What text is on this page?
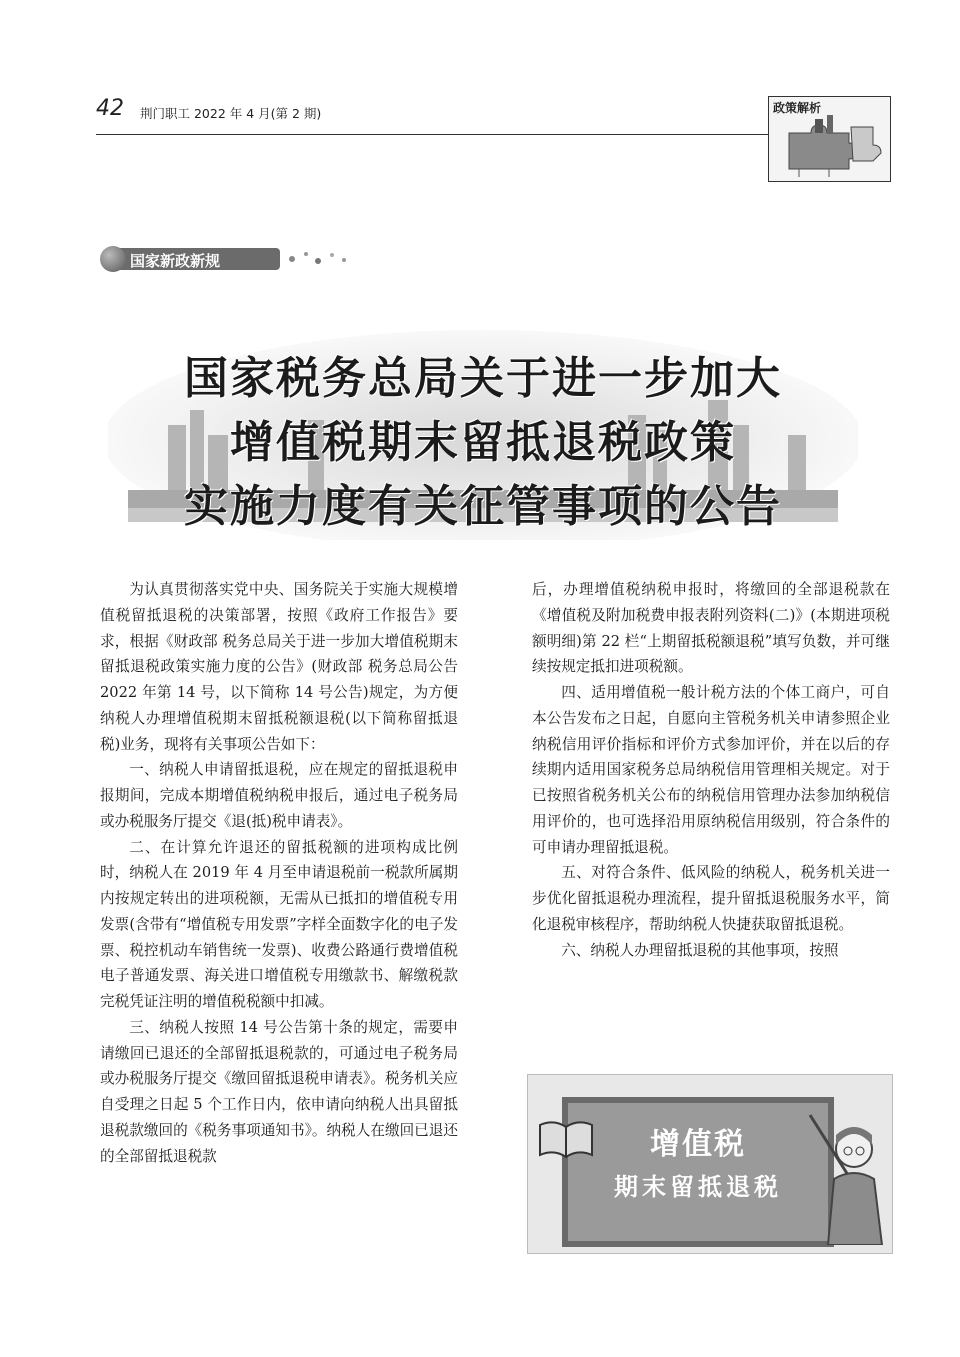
42 荆门职工 2022 年 4 月(第 2 期)	政策解析
国家新政新规
国家税务总局关于进一步加大
增值税期末留抵退税政策
实施力度有关征管事项的公告

为认真贯彻落实党中央、国务院关于实施大规模增值税留抵退税的决策部署，按照《政府工作报告》要求，根据《财政部 税务总局关于进一步加大增值税期末留抵退税政策实施力度的公告》(财政部 税务总局公告 2022 年第 14 号，以下简称 14 号公告)规定，为方便纳税人办理增值税期末留抵税额退税(以下简称留抵退税)业务，现将有关事项公告如下：

一、纳税人申请留抵退税，应在规定的留抵退税申报期间，完成本期增值税纳税申报后，通过电子税务局或办税服务厅提交《退(抵)税申请表》。

二、在计算允许退还的留抵税额的进项构成比例时，纳税人在 2019 年 4 月至申请退税前一税款所属期内按规定转出的进项税额，无需从已抵扣的增值税专用发票(含带有“增值税专用发票”字样全面数字化的电子发票、税控机动车销售统一发票)、收费公路通行费增值税电子普通发票、海关进口增值税专用缴款书、解缴税款完税凭证注明的增值税税额中扣减。

三、纳税人按照 14 号公告第十条的规定，需要申请缴回已退还的全部留抵退税款的，可通过电子税务局或办税服务厅提交《缴回留抵退税申请表》。税务机关应自受理之日起 5 个工作日内，依申请向纳税人出具留抵退税款缴回的《税务事项通知书》。纳税人在缴回已退还的全部留抵退税款

后，办理增值税纳税申报时，将缴回的全部退税款在《增值税及附加税费申报表附列资料(二)》(本期进项税额明细)第 22 栏“上期留抵税额退税”填写负数，并可继续按规定抵扣进项税额。

四、适用增值税一般计税方法的个体工商户，可自本公告发布之日起，自愿向主管税务机关申请参照企业纳税信用评价指标和评价方式参加评价，并在以后的存续期内适用国家税务总局纳税信用管理相关规定。对于已按照省税务机关公布的纳税信用管理办法参加纳税信用评价的，也可选择沿用原纳税信用级别，符合条件的可申请办理留抵退税。

五、对符合条件、低风险的纳税人，税务机关进一步优化留抵退税办理流程，提升留抵退税服务水平，简化退税审核程序，帮助纳税人快捷获取留抵退税。

六、纳税人办理留抵退税的其他事项，按照

增值税
期末留抵退税
